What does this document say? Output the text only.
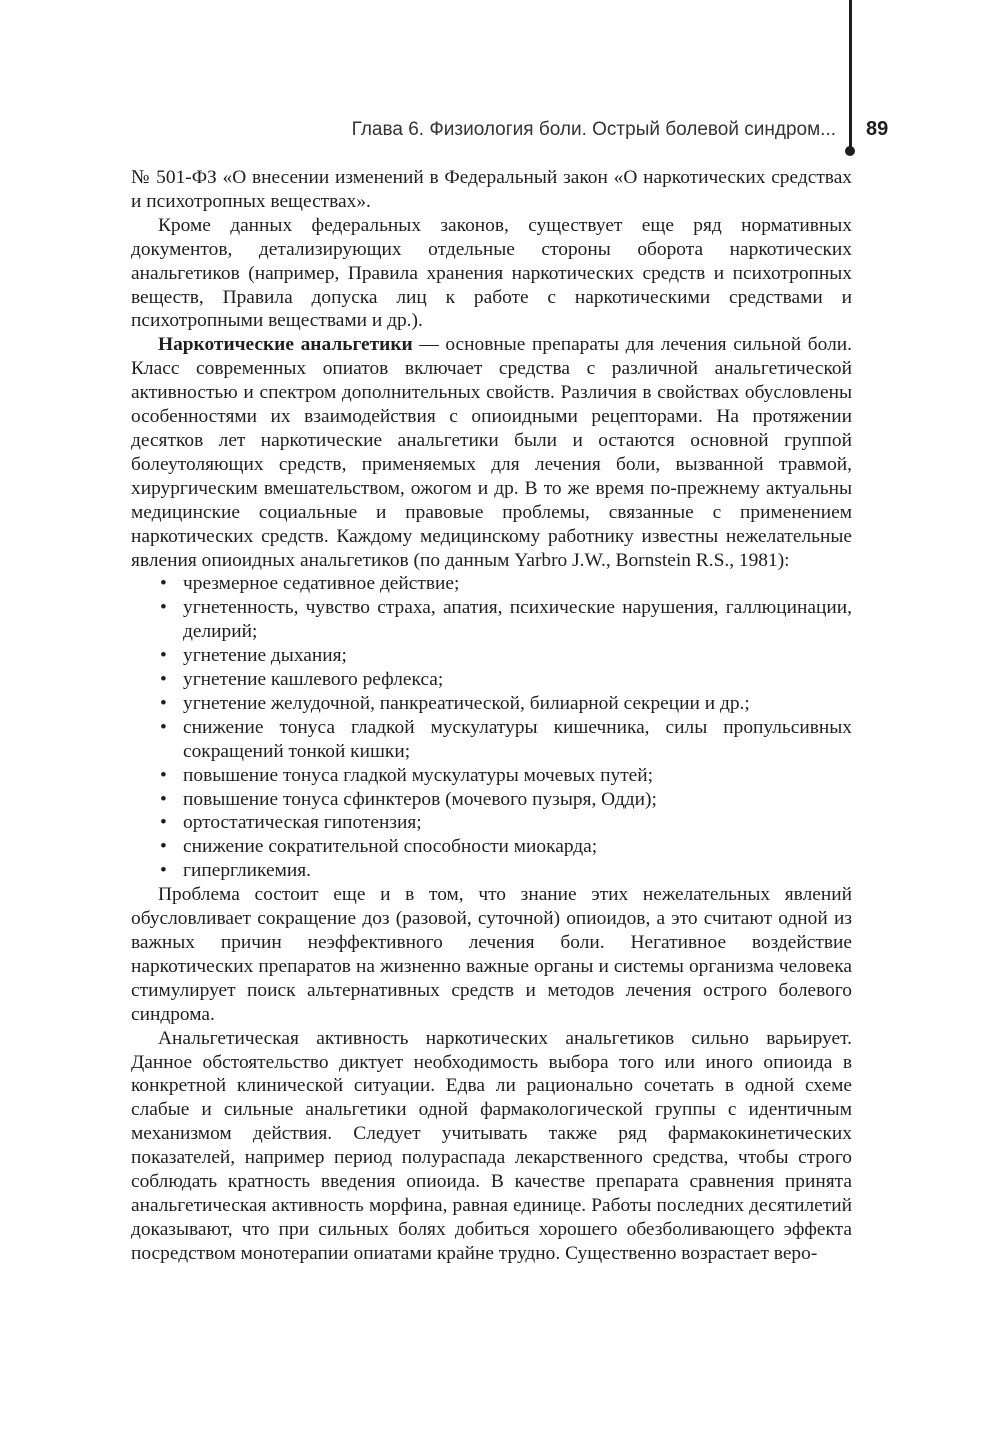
Глава 6. Физиология боли. Острый болевой синдром... 89

№ 501-ФЗ «О внесении изменений в Федеральный закон «О наркотических средствах и психотропных веществах».

Кроме данных федеральных законов, существует еще ряд нормативных документов, детализирующих отдельные стороны оборота наркотических анальгетиков (например, Правила хранения наркотических средств и психотропных веществ, Правила допуска лиц к работе с наркотическими средствами и психотропными веществами и др.).

Наркотические анальгетики — основные препараты для лечения сильной боли. Класс современных опиатов включает средства с различной анальгетической активностью и спектром дополнительных свойств. Различия в свойствах обусловлены особенностями их взаимодействия с опиоидными рецепторами. На протяжении десятков лет наркотические анальгетики были и остаются основной группой болеутоляющих средств, применяемых для лечения боли, вызванной травмой, хирургическим вмешательством, ожогом и др. В то же время по-прежнему актуальны медицинские социальные и правовые проблемы, связанные с применением наркотических средств. Каждому медицинскому работнику известны нежелательные явления опиоидных анальгетиков (по данным Yarbro J.W., Bornstein R.S., 1981):

• чрезмерное седативное действие;
• угнетенность, чувство страха, апатия, психические нарушения, галлюцинации, делирий;
• угнетение дыхания;
• угнетение кашлевого рефлекса;
• угнетение желудочной, панкреатической, билиарной секреции и др.;
• снижение тонуса гладкой мускулатуры кишечника, силы пропульсивных сокращений тонкой кишки;
• повышение тонуса гладкой мускулатуры мочевых путей;
• повышение тонуса сфинктеров (мочевого пузыря, Одди);
• ортостатическая гипотензия;
• снижение сократительной способности миокарда;
• гипергликемия.

Проблема состоит еще и в том, что знание этих нежелательных явлений обусловливает сокращение доз (разовой, суточной) опиоидов, а это считают одной из важных причин неэффективного лечения боли. Негативное воздействие наркотических препаратов на жизненно важные органы и системы организма человека стимулирует поиск альтернативных средств и методов лечения острого болевого синдрома.

Анальгетическая активность наркотических анальгетиков сильно варьирует. Данное обстоятельство диктует необходимость выбора того или иного опиоида в конкретной клинической ситуации. Едва ли рационально сочетать в одной схеме слабые и сильные анальгетики одной фармакологической группы с идентичным механизмом действия. Следует учитывать также ряд фармакокинетических показателей, например период полураспада лекарственного средства, чтобы строго соблюдать кратность введения опиоида. В качестве препарата сравнения принята анальгетическая активность морфина, равная единице. Работы последних десятилетий доказывают, что при сильных болях добиться хорошего обезболивающего эффекта посредством монотерапии опиатами крайне трудно. Существенно возрастает веро-
